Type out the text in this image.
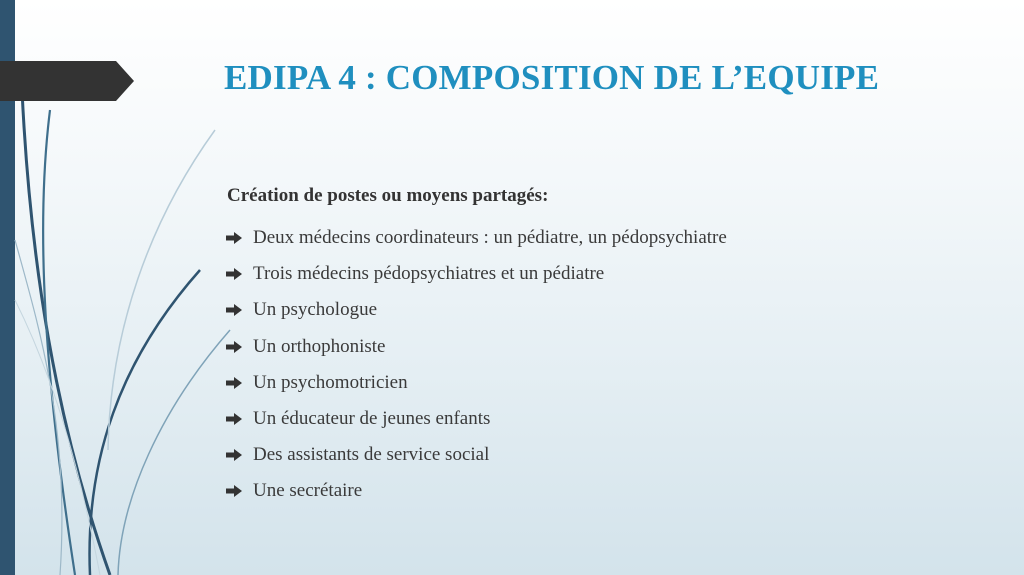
EDIPA 4 : COMPOSITION DE L’EQUIPE

Création de postes ou moyens partagés:

Deux médecins coordinateurs : un pédiatre, un pédopsychiatre
Trois médecins pédopsychiatres et un pédiatre
Un psychologue
Un orthophoniste
Un psychomotricien
Un éducateur de jeunes enfants
Des assistants de service social
Une secrétaire
